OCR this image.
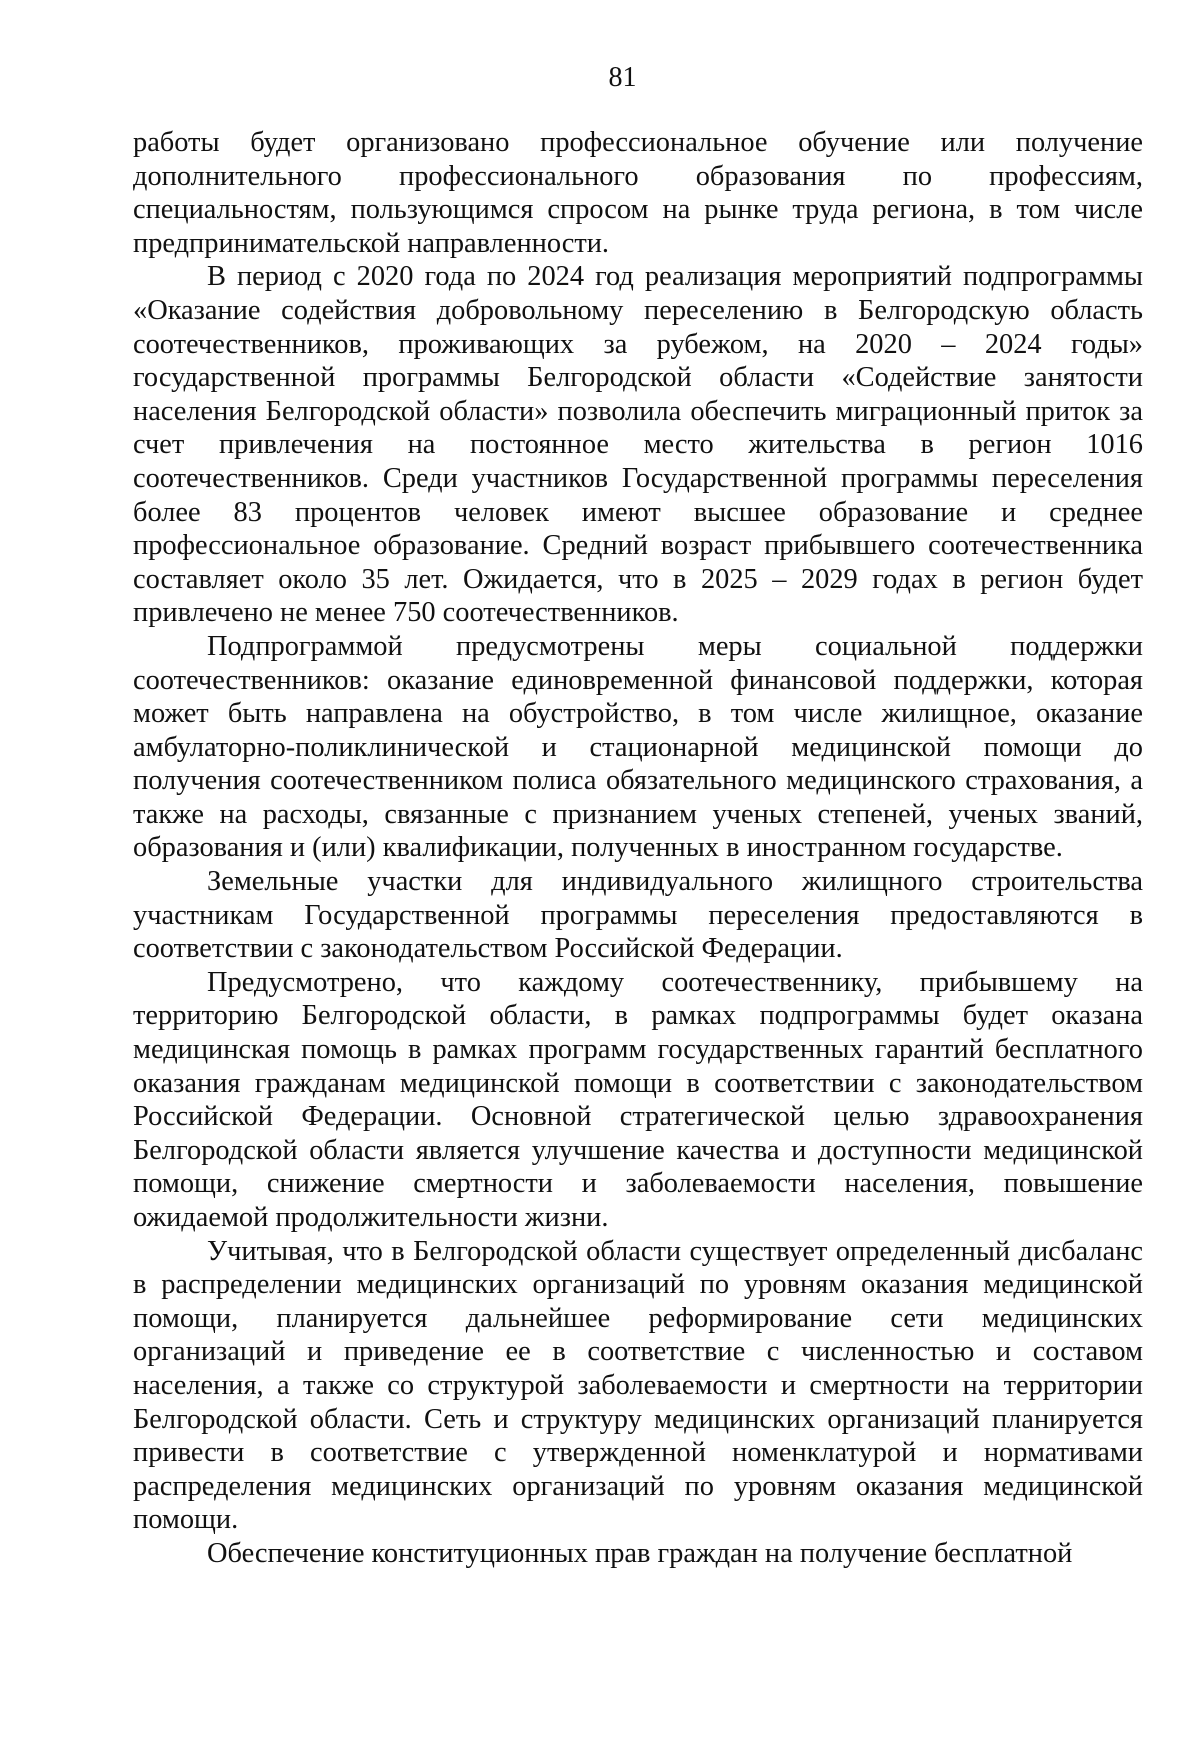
81

работы будет организовано профессиональное обучение или получение дополнительного профессионального образования по профессиям, специальностям, пользующимся спросом на рынке труда региона, в том числе предпринимательской направленности.

В период с 2020 года по 2024 год реализация мероприятий подпрограммы «Оказание содействия добровольному переселению в Белгородскую область соотечественников, проживающих за рубежом, на 2020 – 2024 годы» государственной программы Белгородской области «Содействие занятости населения Белгородской области» позволила обеспечить миграционный приток за счет привлечения на постоянное место жительства в регион 1016 соотечественников. Среди участников Государственной программы переселения более 83 процентов человек имеют высшее образование и среднее профессиональное образование. Средний возраст прибывшего соотечественника составляет около 35 лет. Ожидается, что в 2025 – 2029 годах в регион будет привлечено не менее 750 соотечественников.

Подпрограммой предусмотрены меры социальной поддержки соотечественников: оказание единовременной финансовой поддержки, которая может быть направлена на обустройство, в том числе жилищное, оказание амбулаторно-поликлинической и стационарной медицинской помощи до получения соотечественником полиса обязательного медицинского страхования, а также на расходы, связанные с признанием ученых степеней, ученых званий, образования и (или) квалификации, полученных в иностранном государстве.

Земельные участки для индивидуального жилищного строительства участникам Государственной программы переселения предоставляются в соответствии с законодательством Российской Федерации.

Предусмотрено, что каждому соотечественнику, прибывшему на территорию Белгородской области, в рамках подпрограммы будет оказана медицинская помощь в рамках программ государственных гарантий бесплатного оказания гражданам медицинской помощи в соответствии с законодательством Российской Федерации. Основной стратегической целью здравоохранения Белгородской области является улучшение качества и доступности медицинской помощи, снижение смертности и заболеваемости населения, повышение ожидаемой продолжительности жизни.

Учитывая, что в Белгородской области существует определенный дисбаланс в распределении медицинских организаций по уровням оказания медицинской помощи, планируется дальнейшее реформирование сети медицинских организаций и приведение ее в соответствие с численностью и составом населения, а также со структурой заболеваемости и смертности на территории Белгородской области. Сеть и структуру медицинских организаций планируется привести в соответствие с утвержденной номенклатурой и нормативами распределения медицинских организаций по уровням оказания медицинской помощи.

Обеспечение конституционных прав граждан на получение бесплатной
